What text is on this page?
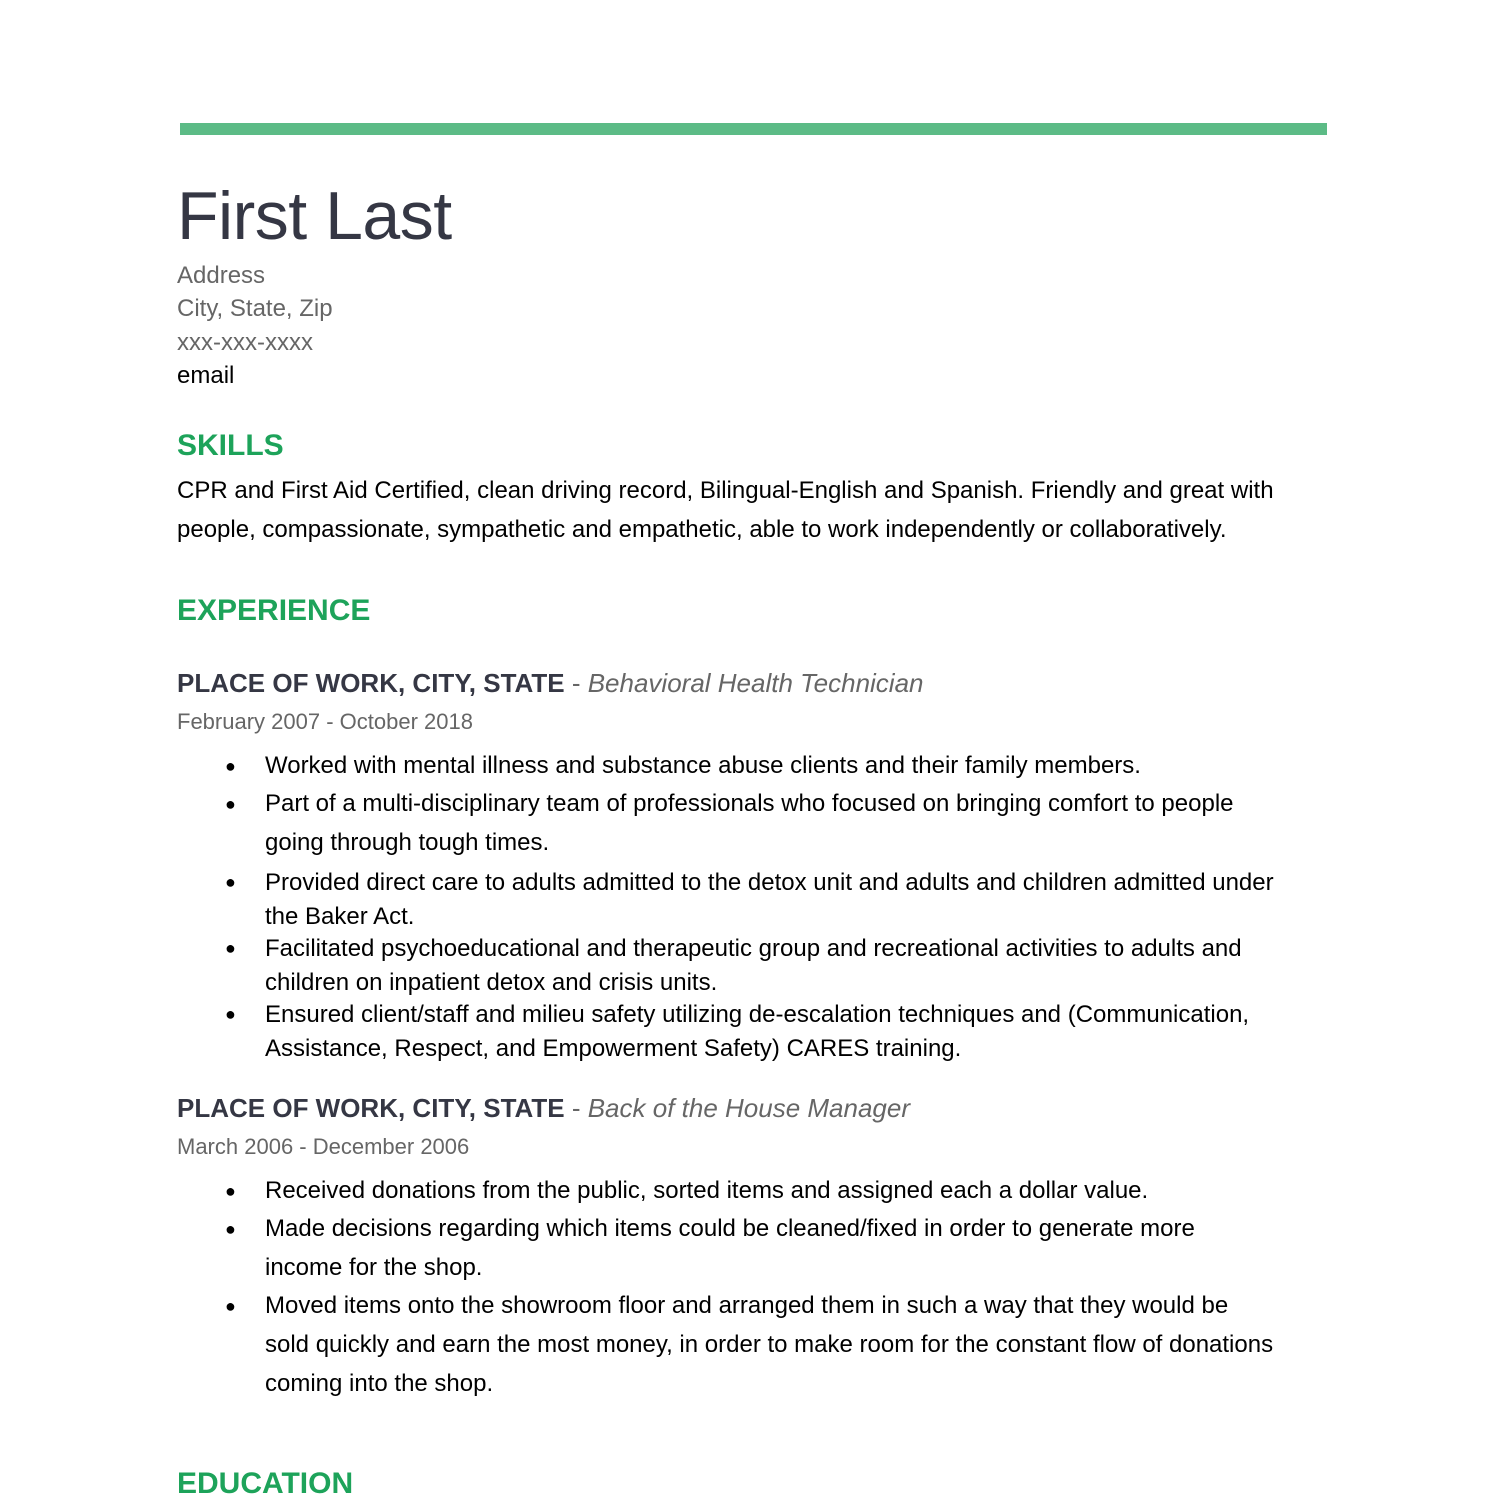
First Last
Address
City, State, Zip
xxx-xxx-xxxx
email
SKILLS

CPR and First Aid Certified, clean driving record, Bilingual-English and Spanish. Friendly and great with people, compassionate, sympathetic and empathetic, able to work independently or collaboratively.

EXPERIENCE

PLACE OF WORK, CITY, STATE - Behavioral Health Technician

February 2007 - October 2018
● Worked with mental illness and substance abuse clients and their family members.
● Part of a multi-disciplinary team of professionals who focused on bringing comfort to people going through tough times.
● Provided direct care to adults admitted to the detox unit and adults and children admitted under the Baker Act.
● Facilitated psychoeducational and therapeutic group and recreational activities to adults and children on inpatient detox and crisis units.
● Ensured client/staff and milieu safety utilizing de-escalation techniques and (Communication, Assistance, Respect, and Empowerment Safety) CARES training.

PLACE OF WORK, CITY, STATE - Back of the House Manager

March 2006 - December 2006
● Received donations from the public, sorted items and assigned each a dollar value.
● Made decisions regarding which items could be cleaned/fixed in order to generate more income for the shop.
● Moved items onto the showroom floor and arranged them in such a way that they would be sold quickly and earn the most money, in order to make room for the constant flow of donations coming into the shop.
EDUCATION
